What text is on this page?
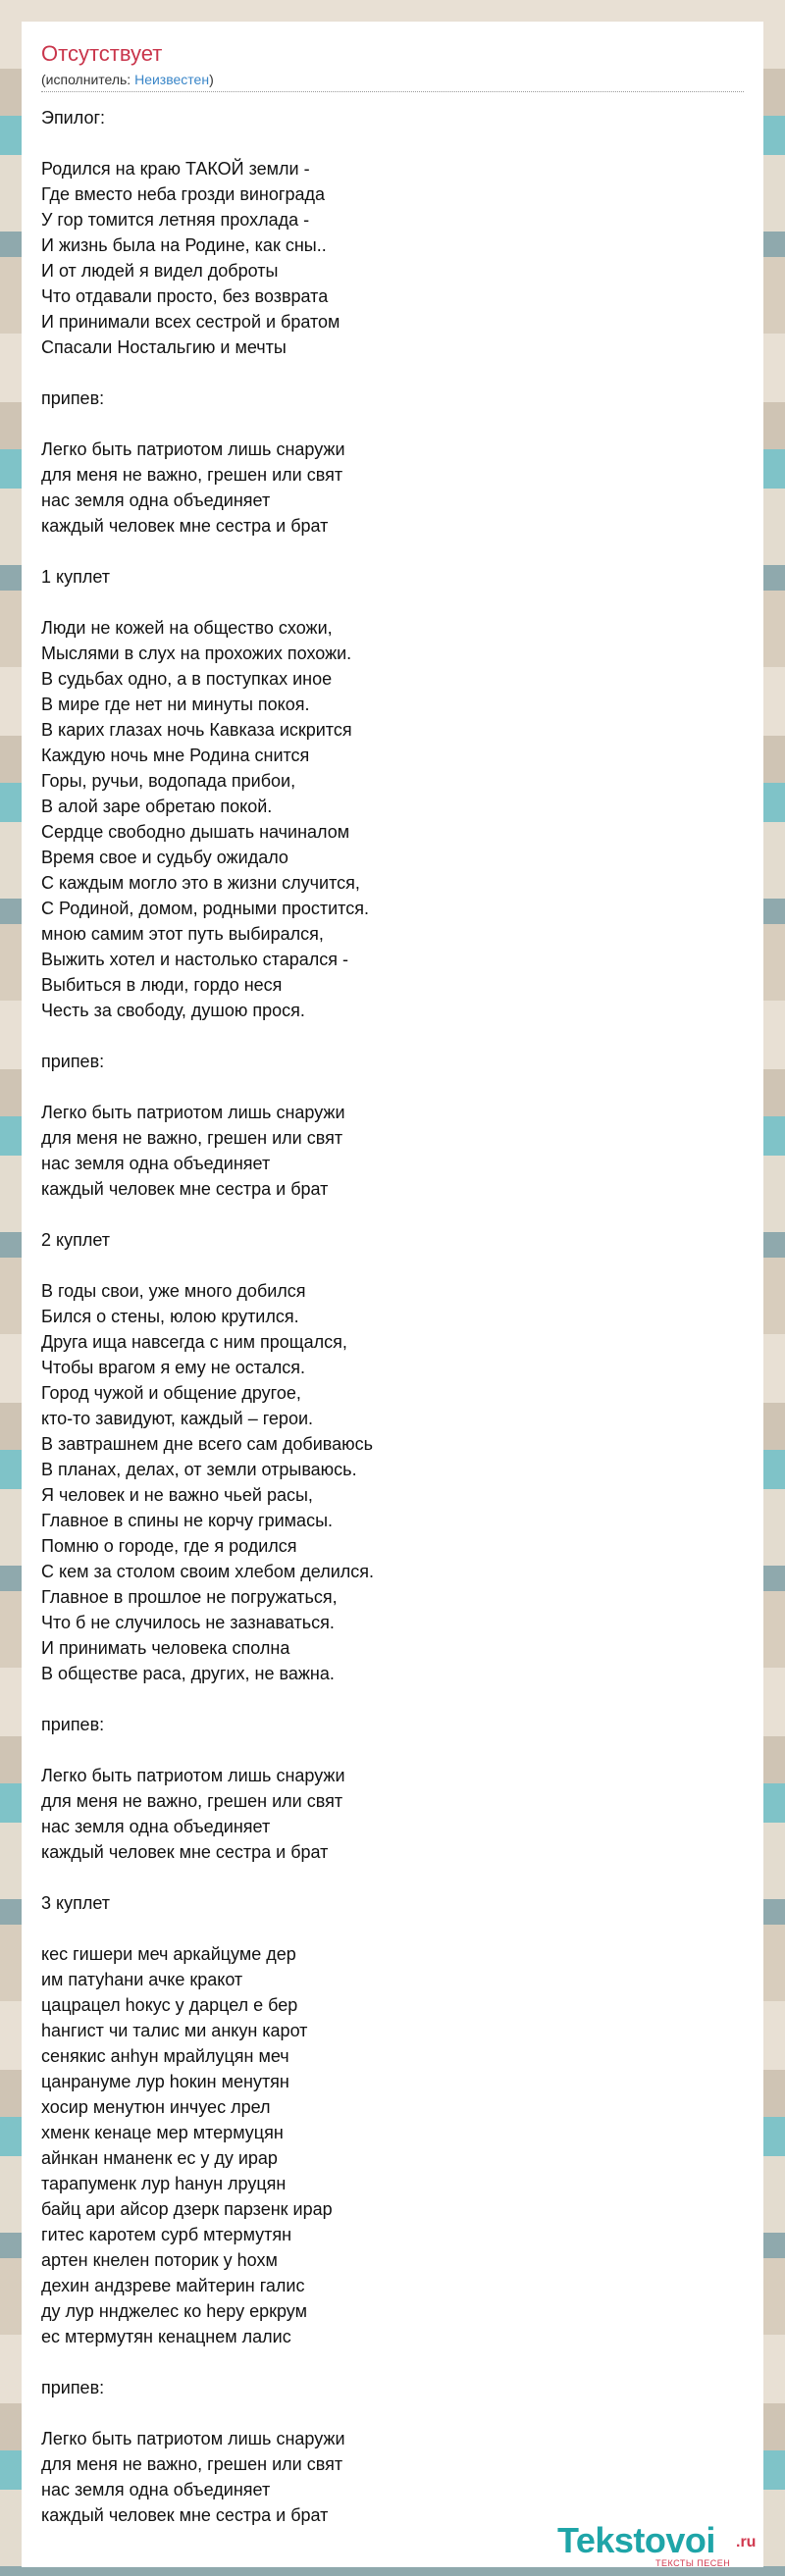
Отсутствует
(исполнитель: Неизвестен)
Эпилог:

Родился на краю ТАКОЙ земли -
Где вместо неба грозди винограда
У гор томится летняя прохлада -
И жизнь была на Родине, как сны..
И от людей я видел доброты
Что отдавали просто, без возврата
И принимали всех сестрой и братом
Спасали Ностальгию и мечты

припев:

Легко быть патриотом лишь снаружи
для меня не важно, грешен или свят
нас земля одна объединяет
каждый человек мне сестра и брат

1 куплет

Люди не кожей на общество схожи,
Мыслями в слух на прохожих похожи.
В судьбах одно, а в поступках иное
В мире где нет ни минуты покоя.
В карих глазах ночь Кавказа искрится
Каждую ночь мне Родина снится
Горы, ручьи, водопада прибои,
В алой заре обретаю покой.
Сердце свободно дышать начиналом
Время свое и судьбу ожидало
С каждым могло это в жизни случится,
С Родиной, домом, родными простится.
мною самим этот путь выбирался,
Выжить хотел и настолько старался -
Выбиться в люди, гордо неся
Честь за свободу, душою прося.

припев:

Легко быть патриотом лишь снаружи
для меня не важно, грешен или свят
нас земля одна объединяет
каждый человек мне сестра и брат

2 куплет

В годы свои, уже много добился
Бился о стены, юлою крутился.
Друга ища навсегда с ним прощался,
Чтобы врагом я ему не остался.
Город чужой и общение другое,
кто-то завидуют, каждый – герои.
В завтрашнем дне всего сам добиваюсь
В планах, делах, от земли отрываюсь.
Я человек и не важно чьей расы,
Главное в спины не корчу гримасы.
Помню о городе, где я родился
С кем за столом своим хлебом делился.
Главное в прошлое не погружаться,
Что б не случилось не зазнаваться.
И принимать человека сполна
В обществе раса, других, не важна.

припев:

Легко быть патриотом лишь снаружи
для меня не важно, грешен или свят
нас земля одна объединяет
каждый человек мне сестра и брат

3 куплет

кес гишери меч аркайцуме дер
им патуһани ачке кракот
цацрацел һокус у дарцел е бер
һангист чи талис ми анкун карот
сенякис анһун мрайлуцян меч
цанрануме лур һокин менутян
хосир менутюн инчуес лрел
хменк кенаце мер мтермуцян
айнкан нманенк ес у ду ирар
тарапуменк лур һанун лруцян
байц ари айсор дзерк парзенк ирар
гитес каротем сурб мтермутян
артен кнелен поторик у һохм
дехин андзреве майтерин галис
ду лур ннджелес ко һеру еркрум
ес мтермутян кенацнем лалис

припев:

Легко быть патриотом лишь снаружи
для меня не важно, грешен или свят
нас земля одна объединяет
каждый человек мне сестра и брат
Tekstovoi .ru
ТЕКСТЫ ПЕСЕН
